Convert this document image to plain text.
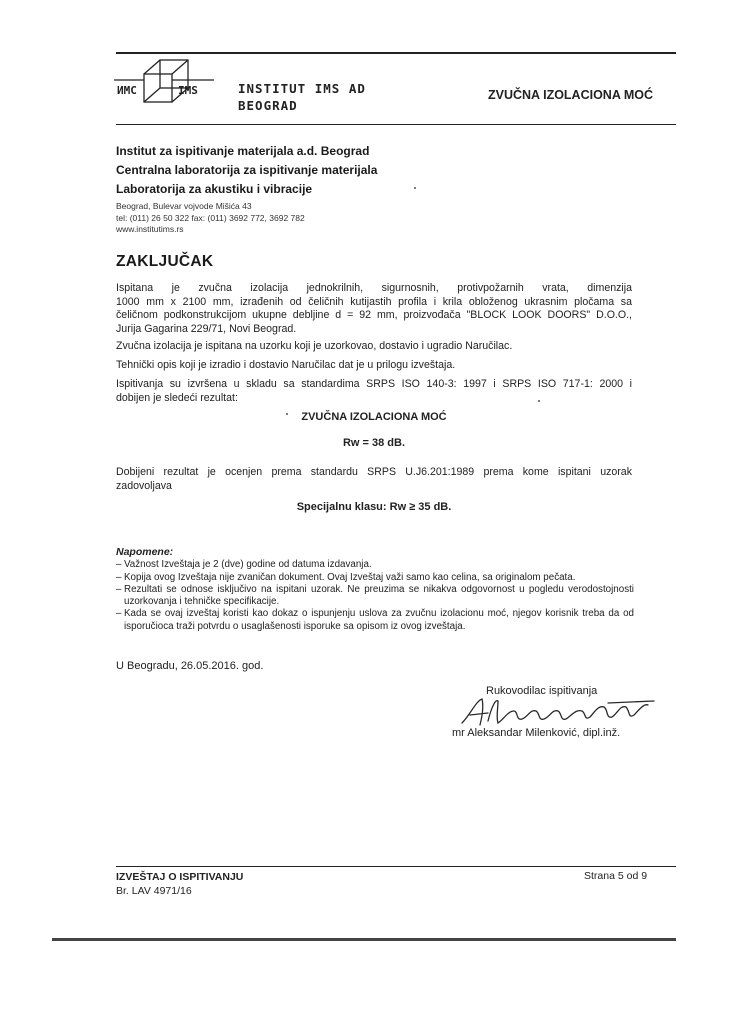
ИМС	IMS	INSTITUT IMS AD
BEOGRAD
ZVUČNA IZOLACIONA MOĆ
Institut za ispitivanje materijala a.d. Beograd
Centralna laboratorija za ispitivanje materijala
Laboratorija za akustiku i vibracije
Beograd, Bulevar vojvode Mišića 43
tel: (011) 26 50 322 fax: (011) 3692 772, 3692 782
www.institutims.rs
ZAKLJUČAK
Ispitana je zvučna izolacija jednokrilnih, sigurnosnih, protivpožarnih vrata, dimenzija
1000 mm x 2100 mm, izrađenih od čeličnih kutijastih profila i krila obloženog ukrasnim pločama sa
čeličnom podkonstrukcijom ukupne debljine d = 92 mm, proizvođača "BLOCK LOOK DOORS" D.O.O.,
Jurija Gagarina 229/71, Novi Beograd.
Zvučna izolacija je ispitana na uzorku koji je uzorkovao, dostavio i ugradio Naručilac.
Tehnički opis koji je izradio i dostavio Naručilac dat je u prilogu izveštaja.
Ispitivanja su izvršena u skladu sa standardima SRPS ISO 140-3: 1997 i SRPS ISO 717-1: 2000 i
dobijen je sledeći rezultat:
ZVUČNA IZOLACIONA MOĆ
Rw = 38 dB.
Dobijeni rezultat je ocenjen prema standardu SRPS U.J6.201:1989 prema kome ispitani uzorak
zadovoljava
Specijalnu klasu: Rw ≥ 35 dB.
Napomene:
– Važnost Izveštaja je 2 (dve) godine od datuma izdavanja.
– Kopija ovog Izveštaja nije zvaničan dokument. Ovaj Izveštaj važi samo kao celina, sa originalom pečata.
– Rezultati se odnose isključivo na ispitani uzorak. Ne preuzima se nikakva odgovornost u pogledu verodostojnosti uzorkovanja i tehničke specifikacije.
– Kada se ovaj izveštaj koristi kao dokaz o ispunjenju uslova za zvučnu izolacionu moć, njegov korisnik treba da od isporučioca traži potvrdu o usaglašenosti isporuke sa opisom iz ovog izveštaja.
U Beogradu, 26.05.2016. god.
Rukovodilac ispitivanja
mr Aleksandar Milenković, dipl.inž.
IZVEŠTAJ O ISPITIVANJU
Br. LAV 4971/16
Strana 5 od 9
